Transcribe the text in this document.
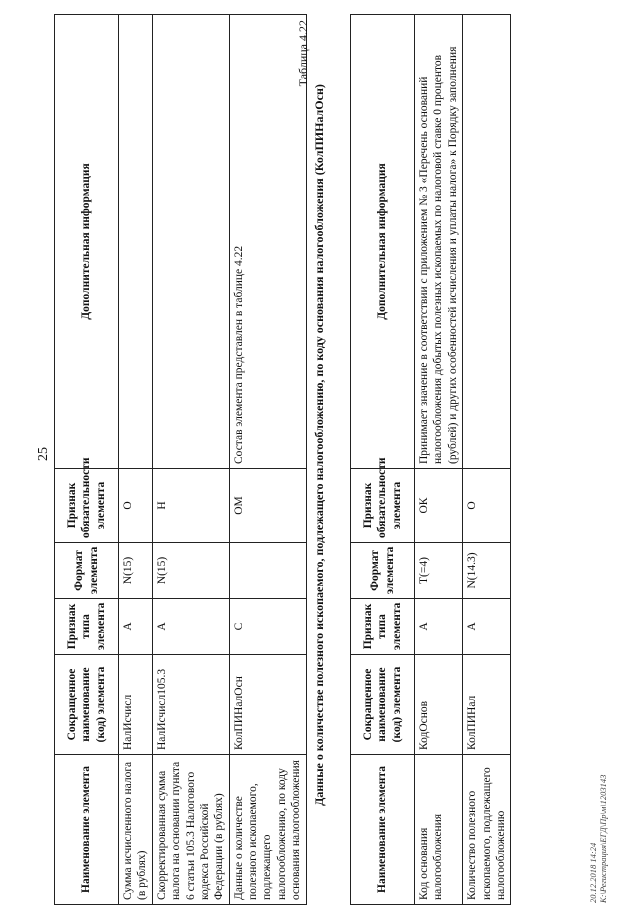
25
Наименование элемента	Сокращенное наименование (код) элемента	Признак типа элемента	Формат элемента	Признак обязательности элемента	Дополнительная информация
Сумма исчисленного налога (в рублях)	НалИсчисл	А	N(15)	О	
Скорректированная сумма налога на основании пункта 6 статьи 105.3 Налогового кодекса Российской Федерации (в рублях)	НалИсчисл105.3	А	N(15)	Н	
Данные о количестве полезного ископаемого, подлежащего налогообложению, по коду основания налогообложения	КолПИНалОсн	С		ОМ	Состав элемента представлен в таблице 4.22
Таблица 4.22
Данные о количестве полезного ископаемого, подлежащего налогообложению, по коду основания налогообложения (КолПИНалОсн)
Наименование элемента	Сокращенное наименование (код) элемента	Признак типа элемента	Формат элемента	Признак обязательности элемента	Дополнительная информация
Код основания налогообложения	КодОснов	А	Т(=4)	ОК	Принимает значение в соответствии с приложением № 3 «Перечень оснований налогообложения добытых полезных ископаемых по налоговой ставке 0 процентов (рублей) и других особенностей исчисления и уплаты налога» к Порядку заполнения
Количество полезного ископаемого, подлежащего налогообложению	КолПИНал	А	N(14.3)	О	
20.12.2018 14:24 К:\Регистрация\ЕГД\Пр\м\1203143
